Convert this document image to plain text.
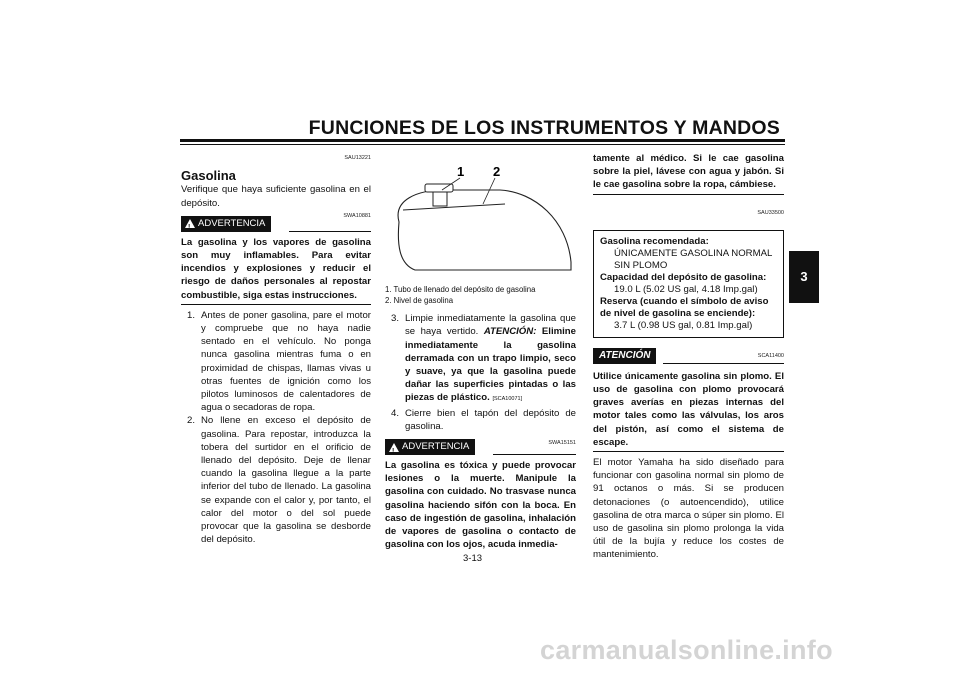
FUNCIONES DE LOS INSTRUMENTOS Y MANDOS
3
SAU13221
Gasolina

Verifique que haya suficiente gasolina en el depósito.

! ADVERTENCIA
SWA10881

La gasolina y los vapores de gasolina son muy inflamables. Para evitar incendios y explosiones y reducir el riesgo de daños personales al repostar combustible, siga estas instrucciones.

1. Antes de poner gasolina, pare el motor y compruebe que no haya nadie sentado en el vehículo. No ponga nunca gasolina mientras fuma o en proximidad de chispas, llamas vivas u otras fuentes de ignición como los pilotos luminosos de calentadores de agua o secadoras de ropa.
2. No llene en exceso el depósito de gasolina. Para repostar, introduzca la tobera del surtidor en el orificio de llenado del depósito. Deje de llenar cuando la gasolina llegue a la parte inferior del tubo de llenado. La gasolina se expande con el calor y, por tanto, el calor del motor o del sol puede provocar que la gasolina se desborde del depósito.
1 2
1. Tubo de llenado del depósito de gasolina
2. Nivel de gasolina
3. Limpie inmediatamente la gasolina que se haya vertido. ATENCIÓN: Elimine inmediatamente la gasolina derramada con un trapo limpio, seco y suave, ya que la gasolina puede dañar las superficies pintadas o las piezas de plástico. [SCA10071]
4. Cierre bien el tapón del depósito de gasolina.
! ADVERTENCIA	SWA15151

La gasolina es tóxica y puede provocar lesiones o la muerte. Manipule la gasolina con cuidado. No trasvase nunca gasolina haciendo sifón con la boca. En caso de ingestión de gasolina, inhalación de vapores de gasolina o contacto de gasolina con los ojos, acuda inmedia-

tamente al médico. Si le cae gasolina sobre la piel, lávese con agua y jabón. Si le cae gasolina sobre la ropa, cámbiese.

SAU33500
Gasolina recomendada:
ÚNICAMENTE GASOLINA NORMAL SIN PLOMO
Capacidad del depósito de gasolina:
19.0 L (5.02 US gal, 4.18 Imp.gal)
Reserva (cuando el símbolo de aviso de nivel de gasolina se enciende):
3.7 L (0.98 US gal, 0.81 Imp.gal)
ATENCIÓN	SCA11400

Utilice únicamente gasolina sin plomo. El uso de gasolina con plomo provocará graves averías en piezas internas del motor tales como las válvulas, los aros del pistón, así como el sistema de escape.

El motor Yamaha ha sido diseñado para funcionar con gasolina normal sin plomo de 91 octanos o más. Si se producen detonaciones (o autoencendido), utilice gasolina de otra marca o súper sin plomo. El uso de gasolina sin plomo prolonga la vida útil de la bujía y reduce los costes de mantenimiento.

3-13
carmanualsonline.info
